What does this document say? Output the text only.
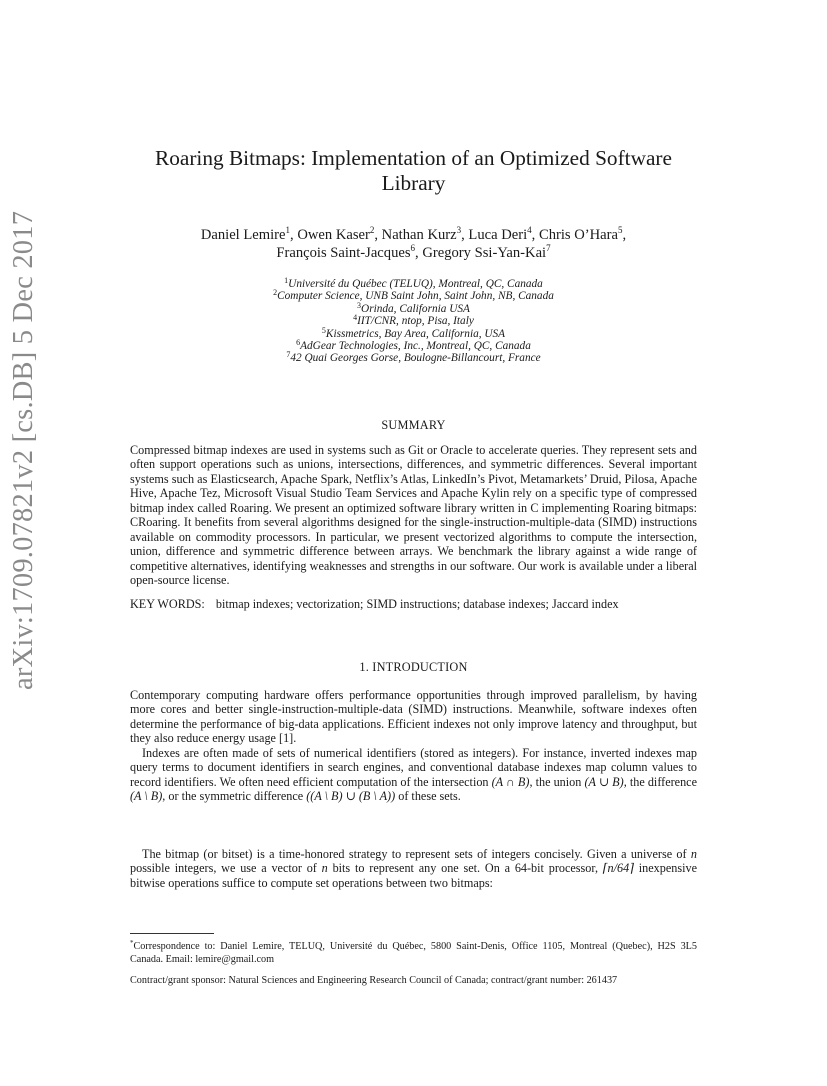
arXiv:1709.07821v2 [cs.DB] 5 Dec 2017
Roaring Bitmaps: Implementation of an Optimized Software
Library
Daniel Lemire$^1$, Owen Kaser$^2$, Nathan Kurz$^3$, Luca Deri$^4$, Chris O’Hara$^5$,
François Saint-Jacques$^6$, Gregory Ssi-Yan-Kai$^7$
$^1$Université du Québec (TELUQ), Montreal, QC, Canada
$^2$Computer Science, UNB Saint John, Saint John, NB, Canada
$^3$Orinda, California USA
$^4$IIT/CNR, ntop, Pisa, Italy
$^5$Kissmetrics, Bay Area, California, USA
$^6$AdGear Technologies, Inc., Montreal, QC, Canada
$^7$42 Quai Georges Gorse, Boulogne-Billancourt, France
SUMMARY
Compressed bitmap indexes are used in systems such as Git or Oracle to accelerate queries. They represent sets and often support operations such as unions, intersections, differences, and symmetric differences. Several important systems such as Elasticsearch, Apache Spark, Netflix’s Atlas, LinkedIn’s Pivot, Metamarkets’ Druid, Pilosa, Apache Hive, Apache Tez, Microsoft Visual Studio Team Services and Apache Kylin rely on a specific type of compressed bitmap index called Roaring. We present an optimized software library written in C implementing Roaring bitmaps: CRoaring. It benefits from several algorithms designed for the single-instruction-multiple-data (SIMD) instructions available on commodity processors. In particular, we present vectorized algorithms to compute the intersection, union, difference and symmetric difference between arrays. We benchmark the library against a wide range of competitive alternatives, identifying weaknesses and strengths in our software. Our work is available under a liberal open-source license.
KEY WORDS: bitmap indexes; vectorization; SIMD instructions; database indexes; Jaccard index
1. INTRODUCTION
Contemporary computing hardware offers performance opportunities through improved parallelism, by having more cores and better single-instruction-multiple-data (SIMD) instructions. Meanwhile, software indexes often determine the performance of big-data applications. Efficient indexes not only improve latency and throughput, but they also reduce energy usage [1].
Indexes are often made of sets of numerical identifiers (stored as integers). For instance, inverted indexes map query terms to document identifiers in search engines, and conventional database indexes map column values to record identifiers. We often need efficient computation of the intersection (A ∩ B), the union (A ∪ B), the difference (A \ B), or the symmetric difference ((A \ B) ∪ (B \ A)) of these sets.
The bitmap (or bitset) is a time-honored strategy to represent sets of integers concisely. Given a universe of n possible integers, we use a vector of n bits to represent any one set. On a 64-bit processor, ⌈n/64⌉ inexpensive bitwise operations suffice to compute set operations between two bitmaps:
*Correspondence to: Daniel Lemire, TELUQ, Université du Québec, 5800 Saint-Denis, Office 1105, Montreal (Quebec), H2S 3L5 Canada. Email: lemire@gmail.com
Contract/grant sponsor: Natural Sciences and Engineering Research Council of Canada; contract/grant number: 261437
